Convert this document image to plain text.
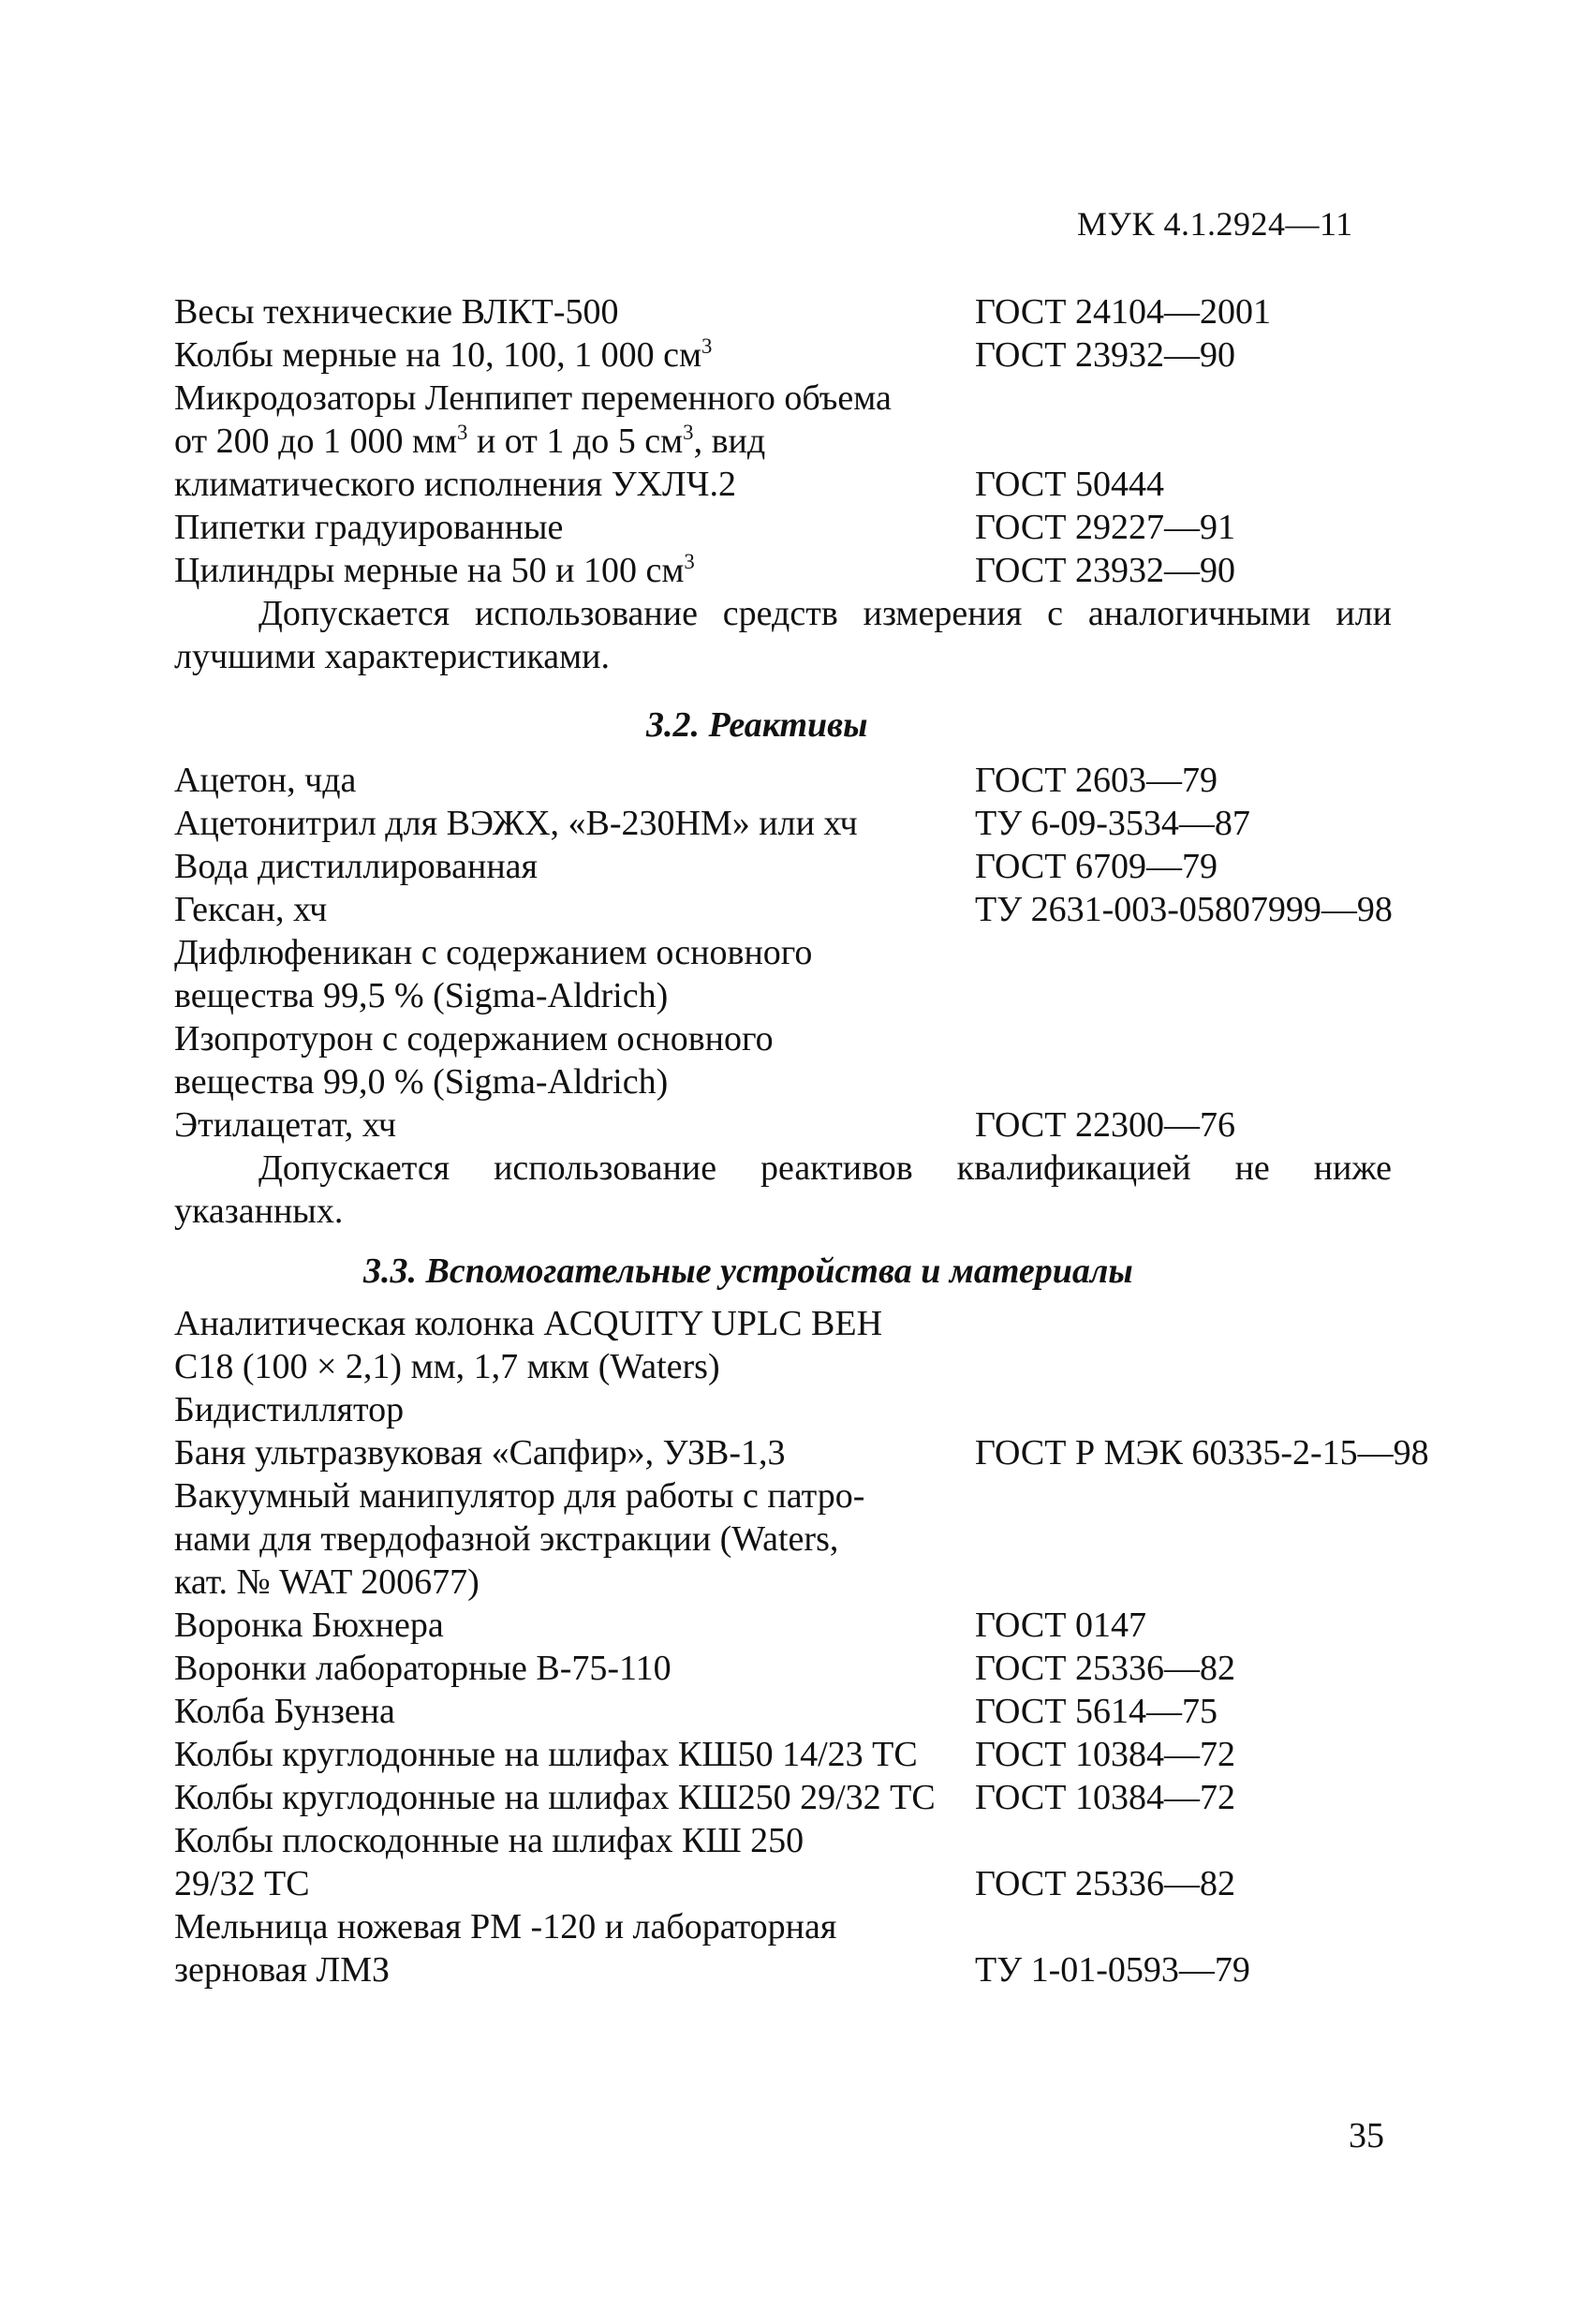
МУК 4.1.2924—11
Весы технические ВЛКТ-500	ГОСТ 24104—2001
Колбы мерные на 10, 100, 1 000 $см^3$	ГОСТ 23932—90
Микродозаторы Ленпипет переменного объема
от 200 до 1 000 $мм^3$ и от 1 до 5 $см^3$, вид
климатического исполнения УХЛЧ.2	ГОСТ 50444
Пипетки градуированные	ГОСТ 29227—91
Цилиндры мерные на 50 и 100 $см^3$	ГОСТ 23932—90
Допускается использование средств измерения с аналогичными или лучшими характеристиками.
3.2. Реактивы
Ацетон, чда	ГОСТ 2603—79
Ацетонитрил для ВЭЖХ, «В-230НМ» или хч	ТУ 6-09-3534—87
Вода дистиллированная	ГОСТ 6709—79
Гексан, хч	ТУ 2631-003-05807999—98
Дифлюфеникан с содержанием основного
вещества 99,5 % (Sigma-Aldrich)
Изопротурон с содержанием основного
вещества 99,0 % (Sigma-Aldrich)
Этилацетат, хч	ГОСТ 22300—76
Допускается использование реактивов квалификацией не ниже указанных.
3.3. Вспомогательные устройства и материалы
Аналитическая колонка ACQUITY UPLC BEH
C18 (100 × 2,1) мм, 1,7 мкм (Waters)
Бидистиллятор
Баня ультразвуковая «Сапфир», УЗВ-1,3	ГОСТ Р МЭК 60335-2-15—98
Вакуумный манипулятор для работы с патро-
нами для твердофазной экстракции (Waters,
кат. № WAT 200677)
Воронка Бюхнера	ГОСТ 0147
Воронки лабораторные В-75-110	ГОСТ 25336—82
Колба Бунзена	ГОСТ 5614—75
Колбы круглодонные на шлифах КШ50 14/23 ТС ГОСТ 10384—72
Колбы круглодонные на шлифах КШ250 29/32 ТС ГОСТ 10384—72
Колбы плоскодонные на шлифах КШ 250
29/32 ТС	ГОСТ 25336—82
Мельница ножевая РМ -120 и лабораторная
зерновая ЛМЗ	ТУ 1-01-0593—79
35
